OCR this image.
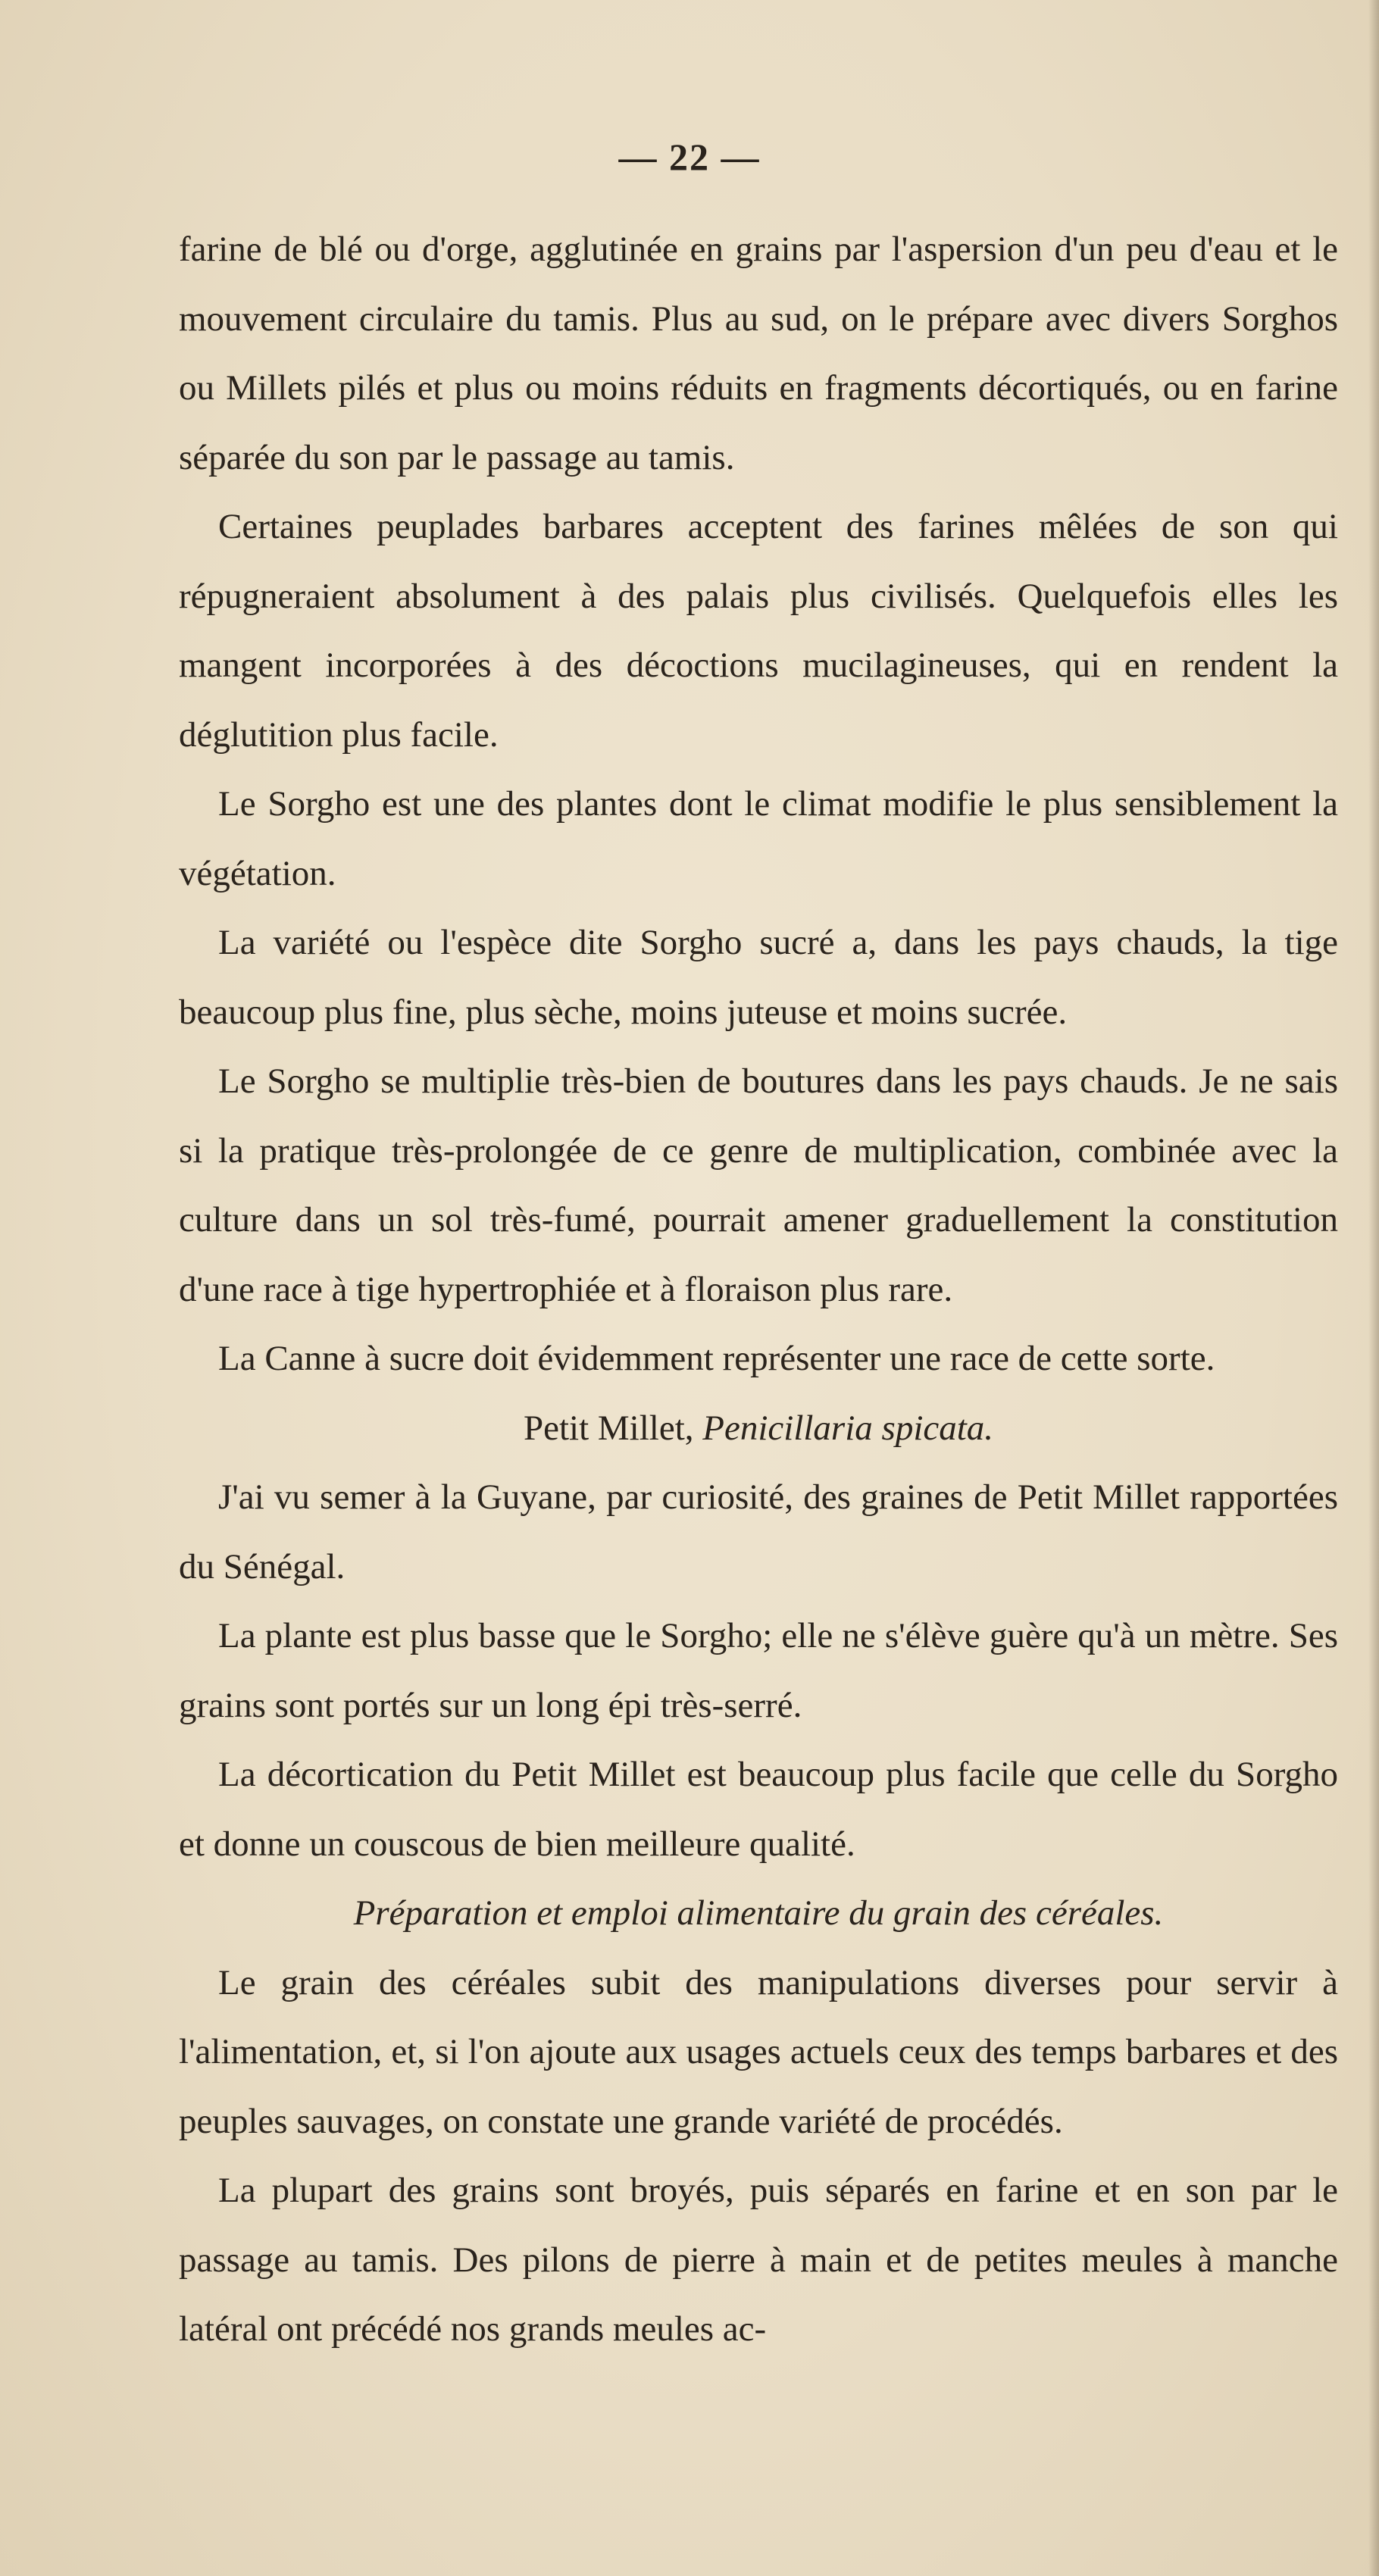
— 22 —

farine de blé ou d'orge, agglutinée en grains par l'aspersion d'un peu d'eau et le mouvement circulaire du tamis. Plus au sud, on le prépare avec divers Sorghos ou Millets pilés et plus ou moins réduits en fragments décortiqués, ou en farine séparée du son par le passage au tamis.

Certaines peuplades barbares acceptent des farines mêlées de son qui répugneraient absolument à des palais plus civilisés. Quelquefois elles les mangent incorporées à des décoctions mucilagineuses, qui en rendent la déglutition plus facile.

Le Sorgho est une des plantes dont le climat modifie le plus sensiblement la végétation.

La variété ou l'espèce dite Sorgho sucré a, dans les pays chauds, la tige beaucoup plus fine, plus sèche, moins juteuse et moins sucrée.

Le Sorgho se multiplie très-bien de boutures dans les pays chauds. Je ne sais si la pratique très-prolongée de ce genre de multiplication, combinée avec la culture dans un sol très-fumé, pourrait amener graduellement la constitution d'une race à tige hypertrophiée et à floraison plus rare.

La Canne à sucre doit évidemment représenter une race de cette sorte.

Petit Millet, Penicillaria spicata.

J'ai vu semer à la Guyane, par curiosité, des graines de Petit Millet rapportées du Sénégal.

La plante est plus basse que le Sorgho; elle ne s'élève guère qu'à un mètre. Ses grains sont portés sur un long épi très-serré.

La décortication du Petit Millet est beaucoup plus facile que celle du Sorgho et donne un couscous de bien meilleure qualité.

Préparation et emploi alimentaire du grain des céréales.

Le grain des céréales subit des manipulations diverses pour servir à l'alimentation, et, si l'on ajoute aux usages actuels ceux des temps barbares et des peuples sauvages, on constate une grande variété de procédés.

La plupart des grains sont broyés, puis séparés en farine et en son par le passage au tamis. Des pilons de pierre à main et de petites meules à manche latéral ont précédé nos grands meules ac-
